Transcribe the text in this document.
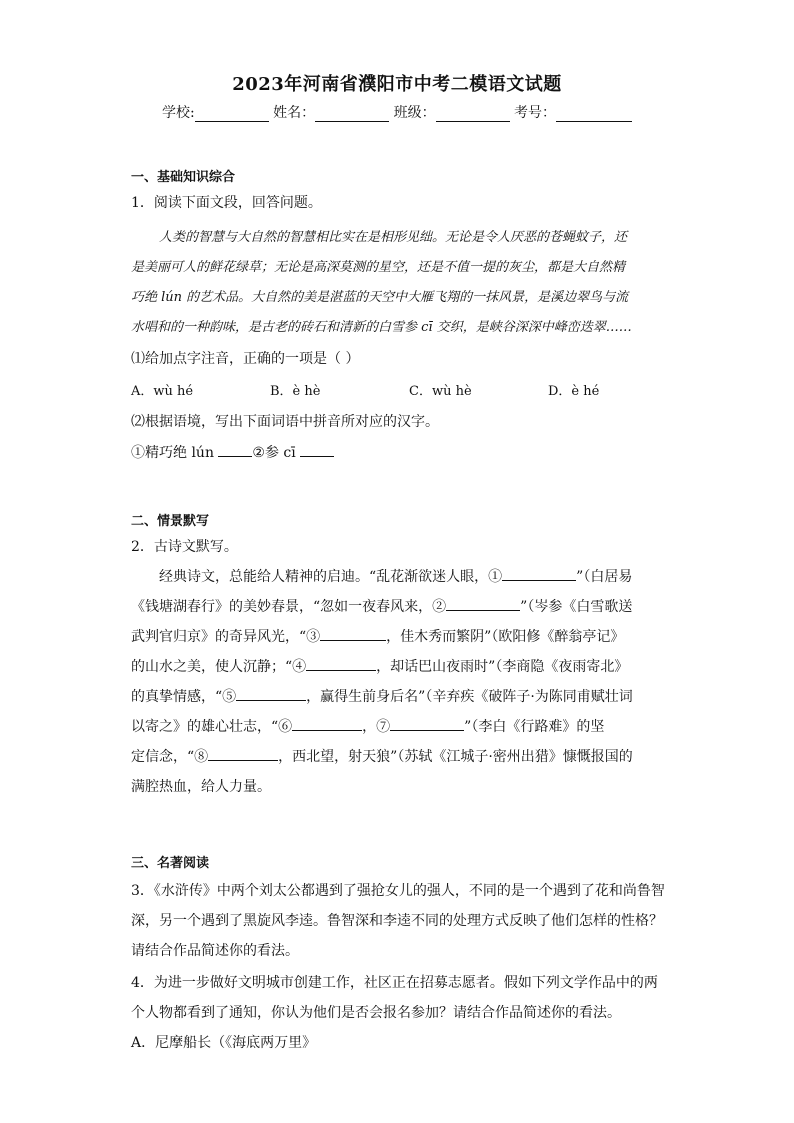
2023年河南省濮阳市中考二模语文试题
学校:	姓名：	班级：	考号：
一、基础知识综合
1．阅读下面文段，回答问题。
人类的智慧与大自然的智慧相比实在是相形见绌。无论是令人厌恶的苍蝇蚊子，还
是美丽可人的鲜花绿草；无论是高深莫测的星空，还是不值一提的灰尘，都是大自然精
巧绝 lún 的艺术品。大自然的美是湛蓝的天空中大雁飞翔的一抹风景，是溪边翠鸟与流
水唱和的一种韵味，是古老的砖石和清新的白雪参 cī 交织，是峡谷深深中峰峦迭翠……
⑴给加点字注音，正确的一项是（ ）
A．wù hé	B．è hè	C．wù hè	D．è hé
⑵根据语境，写出下面词语中拼音所对应的汉字。
①精巧绝 lún ②参 cī
二、情景默写
2．古诗文默写。
经典诗文，总能给人精神的启迪。“乱花渐欲迷人眼，①	”（白居易
《钱塘湖春行》的美妙春景，“忽如一夜春风来，②	”（岑参《白雪歌送
武判官归京》的奇异风光，“③	，佳木秀而繁阴”（欧阳修《醉翁亭记》
的山水之美，使人沉静；“④	，却话巴山夜雨时”（李商隐《夜雨寄北》
的真挚情感，“⑤	，赢得生前身后名”（辛弃疾《破阵子·为陈同甫赋壮词
以寄之》的雄心壮志，“⑥	，⑦	”（李白《行路难》的坚
定信念，“⑧	，西北望，射天狼”（苏轼《江城子·密州出猎》慷慨报国的
满腔热血，给人力量。
三、名著阅读
3．《水浒传》中两个刘太公都遇到了强抢女儿的强人，不同的是一个遇到了花和尚鲁智
深，另一个遇到了黑旋风李逵。鲁智深和李逵不同的处理方式反映了他们怎样的性格？
请结合作品简述你的看法。
4．为进一步做好文明城市创建工作，社区正在招募志愿者。假如下列文学作品中的两
个人物都看到了通知，你认为他们是否会报名参加？请结合作品简述你的看法。
A．尼摩船长（《海底两万里》
